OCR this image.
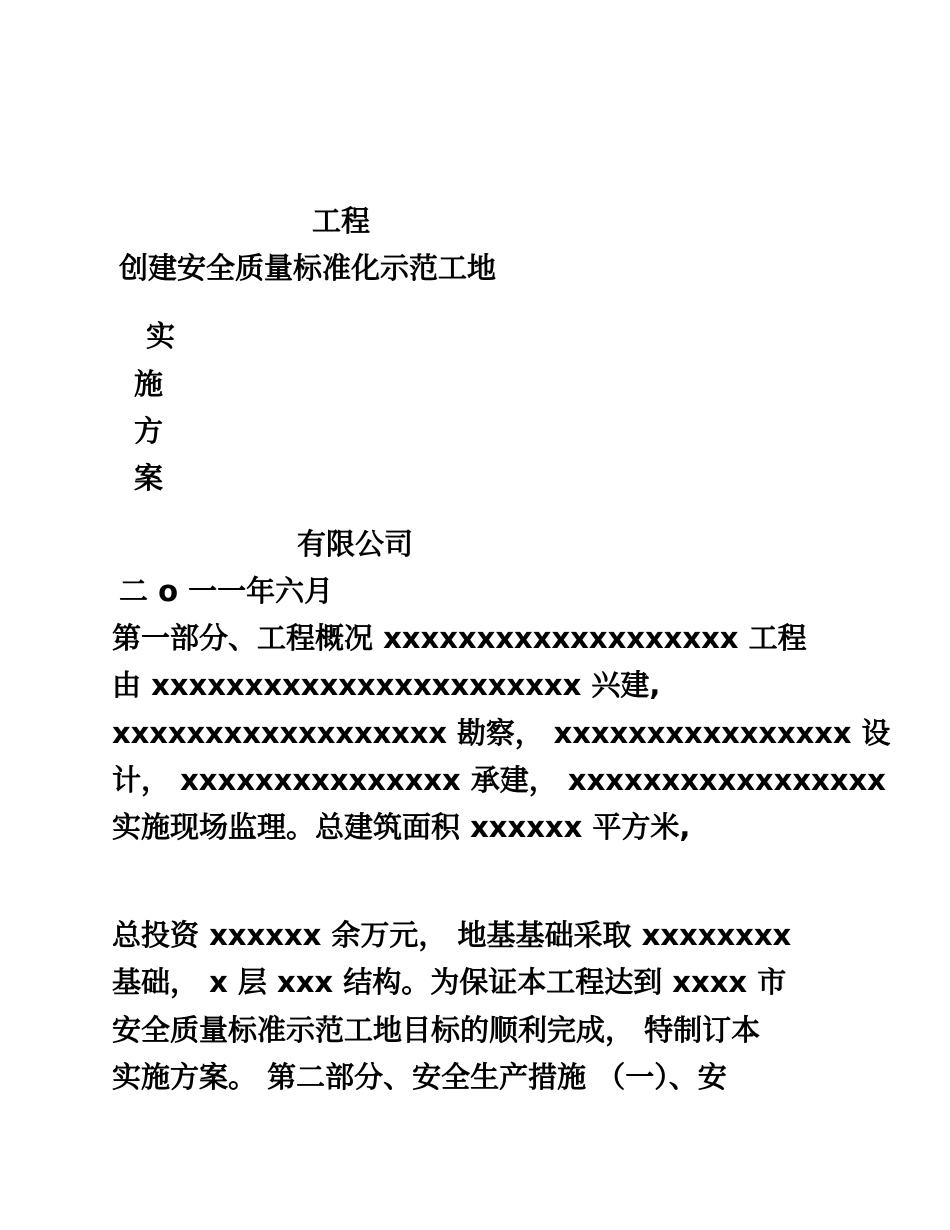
工程
创建安全质量标准化示范工地
实
施
方
案
有限公司
二 o 一一年六月
第一部分、工程概况 xxxxxxxxxxxxxxxxxxx 工程
由 xxxxxxxxxxxxxxxxxxxxxxx 兴建,
xxxxxxxxxxxxxxxxxx 勘察， xxxxxxxxxxxxxxxx 设
计， xxxxxxxxxxxxxxx 承建， xxxxxxxxxxxxxxxxx
实施现场监理。总建筑面积 xxxxxx 平方米,
总投资 xxxxxx 余万元， 地基基础采取 xxxxxxxx
基础， x 层 xxx 结构。为保证本工程达到 xxxx 市
安全质量标准示范工地目标的顺利完成， 特制订本
实施方案。 第二部分、安全生产措施 （一）、安
